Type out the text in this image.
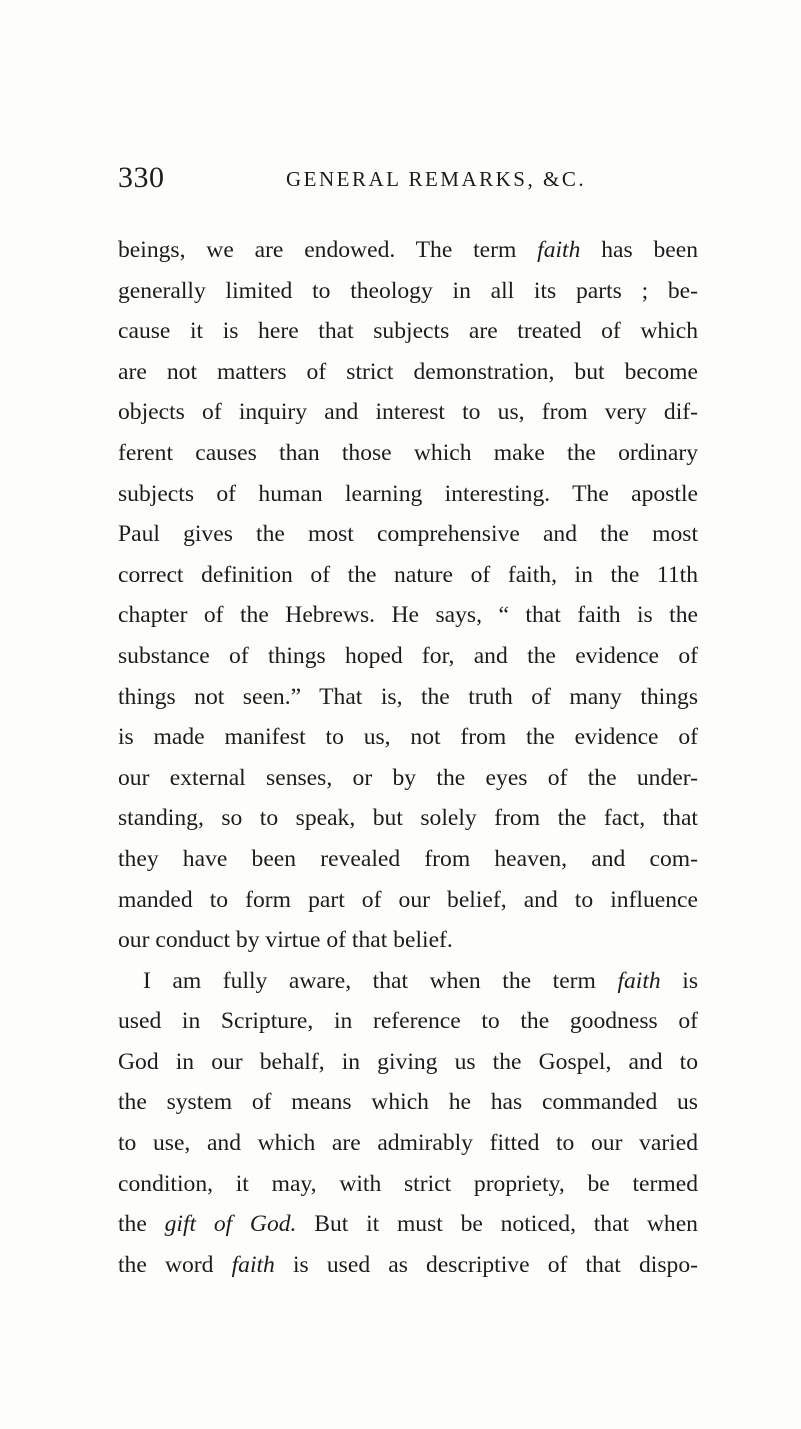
330	GENERAL REMARKS, &C.
beings, we are endowed. The term faith has been
generally limited to theology in all its parts ; be-
cause it is here that subjects are treated of which
are not matters of strict demonstration, but become
objects of inquiry and interest to us, from very dif-
ferent causes than those which make the ordinary
subjects of human learning interesting. The apostle
Paul gives the most comprehensive and the most
correct definition of the nature of faith, in the 11th
chapter of the Hebrews. He says, “ that faith is the
substance of things hoped for, and the evidence of
things not seen.” That is, the truth of many things
is made manifest to us, not from the evidence of
our external senses, or by the eyes of the under-
standing, so to speak, but solely from the fact, that
they have been revealed from heaven, and com-
manded to form part of our belief, and to influence
our conduct by virtue of that belief.
I am fully aware, that when the term faith is
used in Scripture, in reference to the goodness of
God in our behalf, in giving us the Gospel, and to
the system of means which he has commanded us
to use, and which are admirably fitted to our varied
condition, it may, with strict propriety, be termed
the gift of God. But it must be noticed, that when
the word faith is used as descriptive of that dispo-
